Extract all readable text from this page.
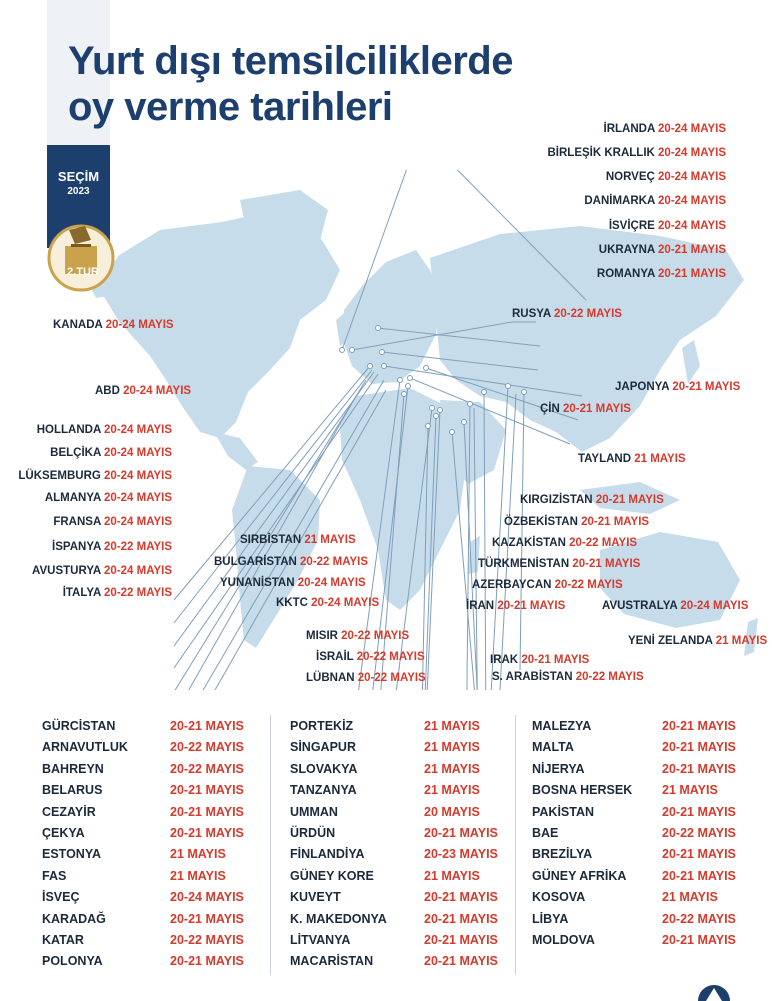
Yurt dışı temsilciliklerde
oy verme tarihleri
SEÇİM
2023
2.TUR
İRLANDA 20-24 MAYIS
BİRLEŞİK KRALLIK 20-24 MAYIS
NORVEÇ 20-24 MAYIS
DANİMARKA 20-24 MAYIS
İSVİÇRE 20-24 MAYIS
UKRAYNA 20-21 MAYIS
ROMANYA 20-21 MAYIS
RUSYA 20-22 MAYIS
KANADA 20-24 MAYIS
ABD 20-24 MAYIS	JAPONYA 20-21 MAYIS
ÇİN 20-21 MAYIS
HOLLANDA 20-24 MAYIS
BELÇİKA 20-24 MAYIS
LÜKSEMBURG 20-24 MAYIS
ALMANYA 20-24 MAYIS
FRANSA 20-24 MAYIS
İSPANYA 20-22 MAYIS
AVUSTURYA 20-24 MAYIS
İTALYA 20-22 MAYIS
TAYLAND 21 MAYIS
KIRGIZİSTAN 20-21 MAYIS
ÖZBEKİSTAN 20-21 MAYIS
KAZAKİSTAN 20-22 MAYIS
TÜRKMENİSTAN 20-21 MAYIS
AZERBAYCAN 20-22 MAYIS
İRAN 20-21 MAYIS
SIRBİSTAN 21 MAYIS
BULGARİSTAN 20-22 MAYIS
YUNANİSTAN 20-24 MAYIS
KKTC 20-24 MAYIS	AVUSTRALYA 20-24 MAYIS
YENİ ZELANDA 21 MAYIS
MISIR 20-22 MAYIS
İSRAİL 20-22 MAYIS
LÜBNAN 20-22 MAYIS
IRAK 20-21 MAYIS
S. ARABİSTAN 20-22 MAYIS
GÜRCİSTAN	20-21 MAYIS
ARNAVUTLUK	20-22 MAYIS
BAHREYN	20-22 MAYIS
BELARUS	20-21 MAYIS
CEZAYİR	20-21 MAYIS
ÇEKYA	20-21 MAYIS
ESTONYA	21 MAYIS
FAS	21 MAYIS
İSVEÇ	20-24 MAYIS
KARADAĞ	20-21 MAYIS
KATAR	20-22 MAYIS
POLONYA	20-21 MAYIS
PORTEKİZ	21 MAYIS
SİNGAPUR	21 MAYIS
SLOVAKYA	21 MAYIS
TANZANYA	21 MAYIS
UMMAN	20 MAYIS
ÜRDÜN	20-21 MAYIS
FİNLANDİYA	20-23 MAYIS
GÜNEY KORE	21 MAYIS
KUVEYT	20-21 MAYIS
K. MAKEDONYA	20-21 MAYIS
LİTVANYA	20-21 MAYIS
MACARİSTAN	20-21 MAYIS
MALEZYA	20-21 MAYIS
MALTA	20-21 MAYIS
NİJERYA	20-21 MAYIS
BOSNA HERSEK 21 MAYIS
PAKİSTAN	20-21 MAYIS
BAE	20-22 MAYIS
BREZİLYA	20-21 MAYIS
GÜNEY AFRİKA	20-21 MAYIS
KOSOVA	21 MAYIS
LİBYA	20-22 MAYIS
MOLDOVA	20-21 MAYIS
